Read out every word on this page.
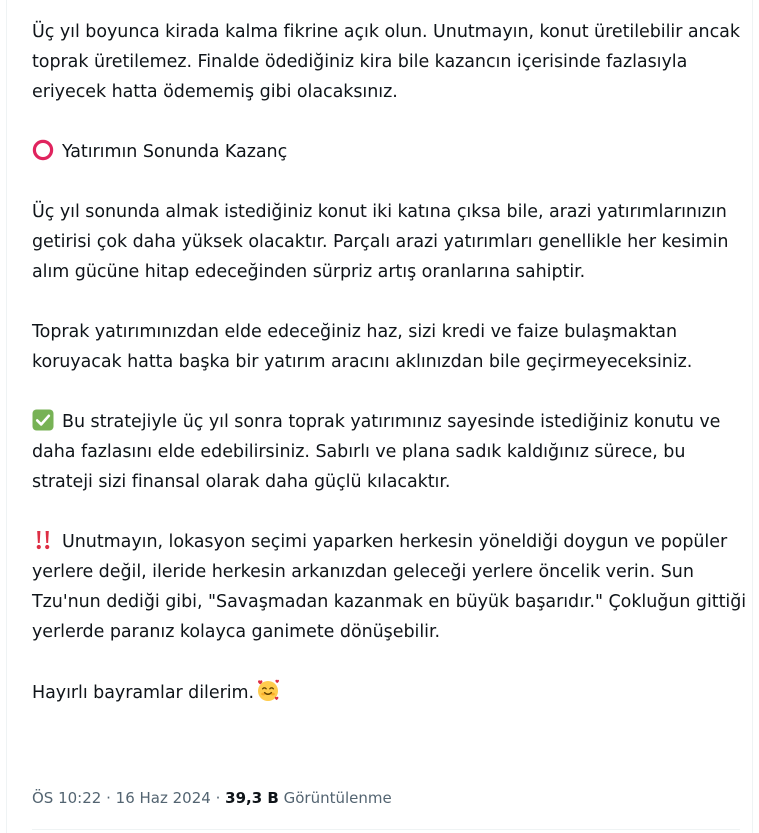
Üç yıl boyunca kirada kalma fikrine açık olun. Unutmayın, konut üretilebilir ancak toprak üretilemez. Finalde ödediğiniz kira bile kazancın içerisinde fazlasıyla eriyecek hatta ödememiş gibi olacaksınız.

Yatırımın Sonunda Kazanç

Üç yıl sonunda almak istediğiniz konut iki katına çıksa bile, arazi yatırımlarınızın getirisi çok daha yüksek olacaktır. Parçalı arazi yatırımları genellikle her kesimin alım gücüne hitap edeceğinden sürpriz artış oranlarına sahiptir.

Toprak yatırımınızdan elde edeceğiniz haz, sizi kredi ve faize bulaşmaktan koruyacak hatta başka bir yatırım aracını aklınızdan bile geçirmeyeceksiniz.

Bu stratejiyle üç yıl sonra toprak yatırımınız sayesinde istediğiniz konutu ve daha fazlasını elde edebilirsiniz. Sabırlı ve plana sadık kaldığınız sürece, bu strateji sizi finansal olarak daha güçlü kılacaktır.

Unutmayın, lokasyon seçimi yaparken herkesin yöneldiği doygun ve popüler yerlere değil, ileride herkesin arkanızdan geleceği yerlere öncelik verin. Sun Tzu'nun dediği gibi, "Savaşmadan kazanmak en büyük başarıdır." Çokluğun gittiği yerlerde paranız kolayca ganimete dönüşebilir.

Hayırlı bayramlar dilerim.

ÖS 10:22 · 16 Haz 2024 · 39,3 B Görüntülenme
